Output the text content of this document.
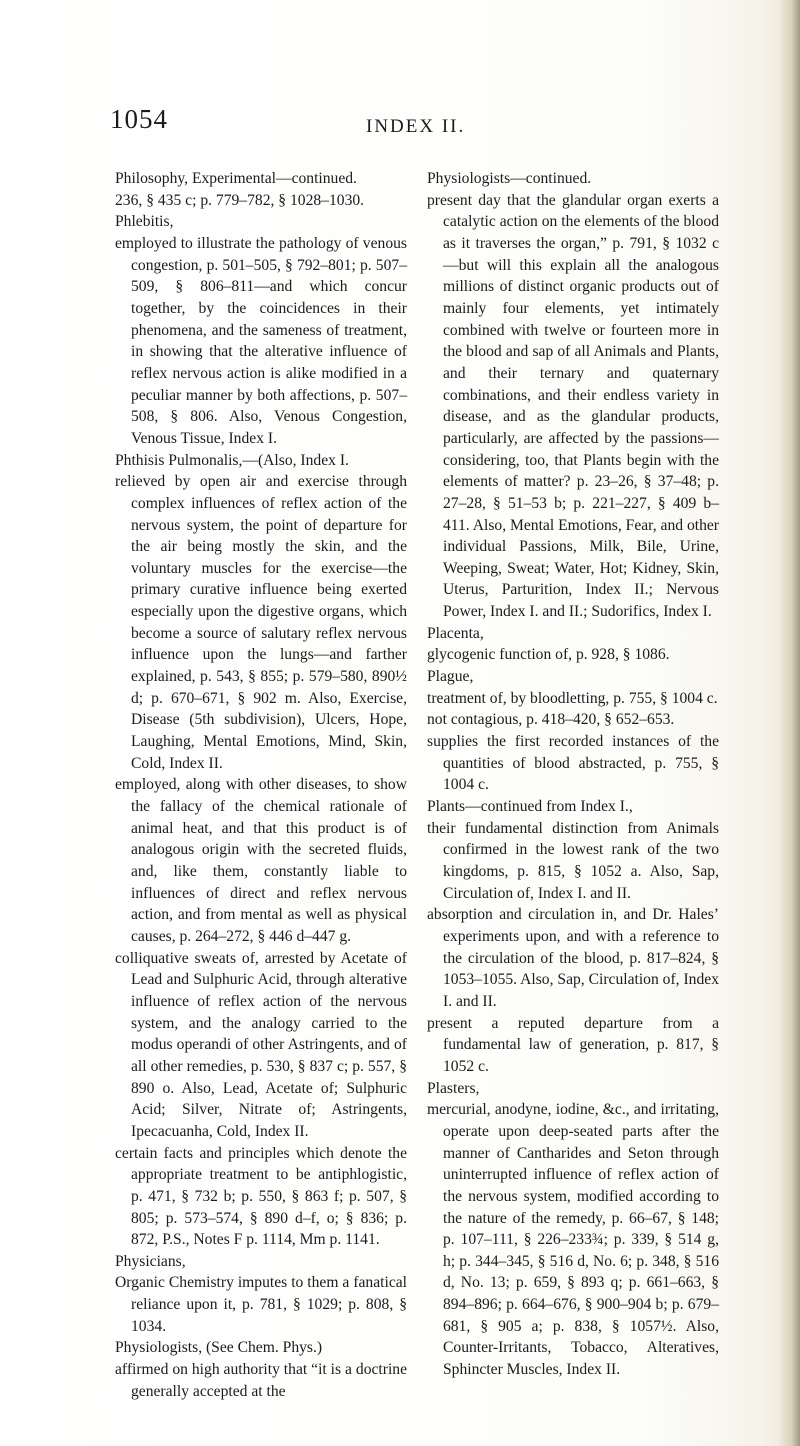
1054	INDEX II.

Philosophy, Experimental—continued.

236, § 435 c; p. 779–782, § 1028–1030.

Phlebitis,

employed to illustrate the pathology of venous congestion, p. 501–505, § 792–801; p. 507–509, § 806–811—and which concur together, by the coincidences in their phenomena, and the sameness of treatment, in showing that the alterative influence of reflex nervous action is alike modified in a peculiar manner by both affections, p. 507–508, § 806. Also, Venous Congestion, Venous Tissue, Index I.

Phthisis Pulmonalis,—(Also, Index I.

relieved by open air and exercise through complex influences of reflex action of the nervous system, the point of departure for the air being mostly the skin, and the voluntary muscles for the exercise—the primary curative influence being exerted especially upon the digestive organs, which become a source of salutary reflex nervous influence upon the lungs—and farther explained, p. 543, § 855; p. 579–580, 890½ d; p. 670–671, § 902 m. Also, Exercise, Disease (5th subdivision), Ulcers, Hope, Laughing, Mental Emotions, Mind, Skin, Cold, Index II.

employed, along with other diseases, to show the fallacy of the chemical rationale of animal heat, and that this product is of analogous origin with the secreted fluids, and, like them, constantly liable to influences of direct and reflex nervous action, and from mental as well as physical causes, p. 264–272, § 446 d–447 g.

colliquative sweats of, arrested by Acetate of Lead and Sulphuric Acid, through alterative influence of reflex action of the nervous system, and the analogy carried to the modus operandi of other Astringents, and of all other remedies, p. 530, § 837 c; p. 557, § 890 o. Also, Lead, Acetate of; Sulphuric Acid; Silver, Nitrate of; Astringents, Ipecacuanha, Cold, Index II.

certain facts and principles which denote the appropriate treatment to be antiphlogistic, p. 471, § 732 b; p. 550, § 863 f; p. 507, § 805; p. 573–574, § 890 d–f, o; § 836; p. 872, P.S., Notes F p. 1114, Mm p. 1141.

Physicians,

Organic Chemistry imputes to them a fanatical reliance upon it, p. 781, § 1029; p. 808, § 1034.

Physiologists, (See Chem. Phys.)

affirmed on high authority that “it is a doctrine generally accepted at the

Physiologists—continued.

present day that the glandular organ exerts a catalytic action on the elements of the blood as it traverses the organ,” p. 791, § 1032 c—but will this explain all the analogous millions of distinct organic products out of mainly four elements, yet intimately combined with twelve or fourteen more in the blood and sap of all Animals and Plants, and their ternary and quaternary combinations, and their endless variety in disease, and as the glandular products, particularly, are affected by the passions—considering, too, that Plants begin with the elements of matter? p. 23–26, § 37–48; p. 27–28, § 51–53 b; p. 221–227, § 409 b–411. Also, Mental Emotions, Fear, and other individual Passions, Milk, Bile, Urine, Weeping, Sweat; Water, Hot; Kidney, Skin, Uterus, Parturition, Index II.; Nervous Power, Index I. and II.; Sudorifics, Index I.

Placenta,

glycogenic function of, p. 928, § 1086.

Plague,

treatment of, by bloodletting, p. 755, § 1004 c.

not contagious, p. 418–420, § 652–653.

supplies the first recorded instances of the quantities of blood abstracted, p. 755, § 1004 c.

Plants—continued from Index I.,

their fundamental distinction from Animals confirmed in the lowest rank of the two kingdoms, p. 815, § 1052 a. Also, Sap, Circulation of, Index I. and II.

absorption and circulation in, and Dr. Hales’ experiments upon, and with a reference to the circulation of the blood, p. 817–824, § 1053–1055. Also, Sap, Circulation of, Index I. and II.

present a reputed departure from a fundamental law of generation, p. 817, § 1052 c.

Plasters,

mercurial, anodyne, iodine, &c., and irritating, operate upon deep-seated parts after the manner of Cantharides and Seton through uninterrupted influence of reflex action of the nervous system, modified according to the nature of the remedy, p. 66–67, § 148; p. 107–111, § 226–233¾; p. 339, § 514 g, h; p. 344–345, § 516 d, No. 6; p. 348, § 516 d, No. 13; p. 659, § 893 q; p. 661–663, § 894–896; p. 664–676, § 900–904 b; p. 679–681, § 905 a; p. 838, § 1057½. Also, Counter-Irritants, Tobacco, Alteratives, Sphincter Muscles, Index II.
